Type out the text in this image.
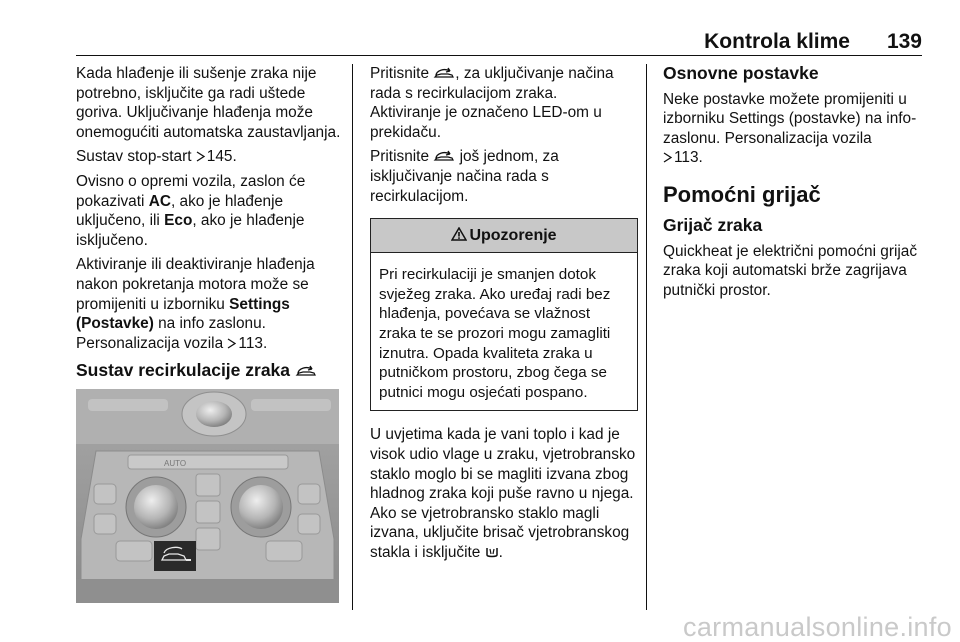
Kontrola klime 139

Kada hlađenje ili sušenje zraka nije potrebno, isključite ga radi uštede goriva. Uključivanje hlađenja može onemogućiti automatska zaustavljanja.

Sustav stop-start 145.

Ovisno o opremi vozila, zaslon će pokazivati AC, ako je hlađenje uključeno, ili Eco, ako je hlađenje isključeno.

Aktiviranje ili deaktiviranje hlađenja nakon pokretanja motora može se promijeniti u izborniku Settings (Postavke) na info zaslonu. Personalizacija vozila 113.

Sustav recirkulacije zraka
AUTO

Pritisnite , za uključivanje načina rada s recirkulacijom zraka.
Aktiviranje je označeno LED-om u prekidaču.

Pritisnite  još jednom, za isključivanje načina rada s recirkulacijom.

Upozorenje
Pri recirkulaciji je smanjen dotok svježeg zraka. Ako uređaj radi bez hlađenja, povećava se vlažnost zraka te se prozori mogu zamagliti iznutra. Opada kvaliteta zraka u putničkom prostoru, zbog čega se putnici mogu osjećati pospano.

U uvjetima kada je vani toplo i kad je visok udio vlage u zraku, vjetrobransko staklo moglo bi se magliti izvana zbog hladnog zraka koji puše ravno u njega. Ako se vjetrobransko staklo magli izvana, uključite brisač vjetrobranskog stakla i isključite .

Osnovne postavke

Neke postavke možete promijeniti u izborniku Settings (postavke) na info-zaslonu. Personalizacija vozila
113.

Pomoćni grijač
Grijač zraka

Quickheat je električni pomoćni grijač zraka koji automatski brže zagrijava putnički prostor.

carmanualsonline.info
